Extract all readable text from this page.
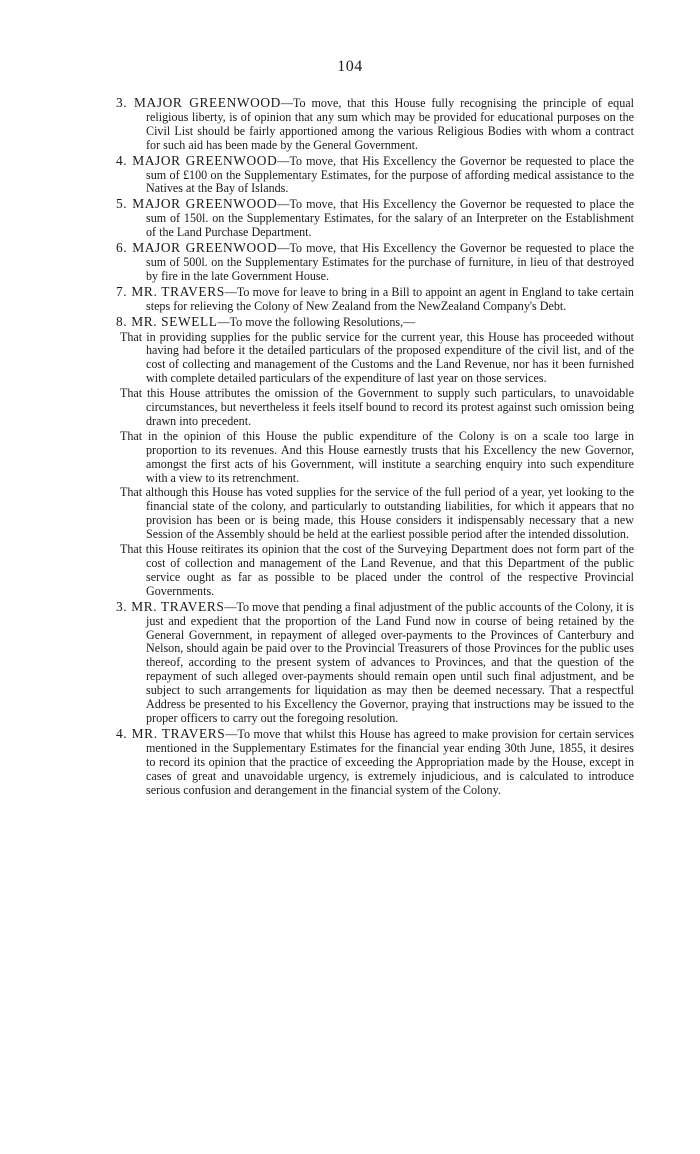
104

3. MAJOR GREENWOOD—To move, that this House fully recognising the principle of equal religious liberty, is of opinion that any sum which may be provided for educational purposes on the Civil List should be fairly apportioned among the various Religious Bodies with whom a contract for such aid has been made by the General Government.

4. MAJOR GREENWOOD—To move, that His Excellency the Governor be requested to place the sum of £100 on the Supplementary Estimates, for the purpose of affording medical assistance to the Natives at the Bay of Islands.

5. MAJOR GREENWOOD—To move, that His Excellency the Governor be requested to place the sum of 150l. on the Supplementary Estimates, for the salary of an Interpreter on the Establishment of the Land Purchase Department.

6. MAJOR GREENWOOD—To move, that His Excellency the Governor be requested to place the sum of 500l. on the Supplementary Estimates for the purchase of furniture, in lieu of that destroyed by fire in the late Government House.

7. MR. TRAVERS—To move for leave to bring in a Bill to appoint an agent in England to take certain steps for relieving the Colony of New Zealand from the NewZealand Company's Debt.

8. MR. SEWELL—To move the following Resolutions,—

That in providing supplies for the public service for the current year, this House has proceeded without having had before it the detailed particulars of the proposed expenditure of the civil list, and of the cost of collecting and management of the Customs and the Land Revenue, nor has it been furnished with complete detailed particulars of the expenditure of last year on those services.

That this House attributes the omission of the Government to supply such particulars, to unavoidable circumstances, but nevertheless it feels itself bound to record its protest against such omission being drawn into precedent.

That in the opinion of this House the public expenditure of the Colony is on a scale too large in proportion to its revenues. And this House earnestly trusts that his Excellency the new Governor, amongst the first acts of his Government, will institute a searching enquiry into such expenditure with a view to its retrenchment.

That although this House has voted supplies for the service of the full period of a year, yet looking to the financial state of the colony, and particularly to outstanding liabilities, for which it appears that no provision has been or is being made, this House considers it indispensably necessary that a new Session of the Assembly should be held at the earliest possible period after the intended dissolution.

That this House reitirates its opinion that the cost of the Surveying Department does not form part of the cost of collection and management of the Land Revenue, and that this Department of the public service ought as far as possible to be placed under the control of the respective Provincial Governments.

3. MR. TRAVERS—To move that pending a final adjustment of the public accounts of the Colony, it is just and expedient that the proportion of the Land Fund now in course of being retained by the General Government, in repayment of alleged over-payments to the Provinces of Canterbury and Nelson, should again be paid over to the Provincial Treasurers of those Provinces for the public uses thereof, according to the present system of advances to Provinces, and that the question of the repayment of such alleged over-payments should remain open until such final adjustment, and be subject to such arrangements for liquidation as may then be deemed necessary. That a respectful Address be presented to his Excellency the Governor, praying that instructions may be issued to the proper officers to carry out the foregoing resolution.

4. MR. TRAVERS—To move that whilst this House has agreed to make provision for certain services mentioned in the Supplementary Estimates for the financial year ending 30th June, 1855, it desires to record its opinion that the practice of exceeding the Appropriation made by the House, except in cases of great and unavoidable urgency, is extremely injudicious, and is calculated to introduce serious confusion and derangement in the financial system of the Colony.
